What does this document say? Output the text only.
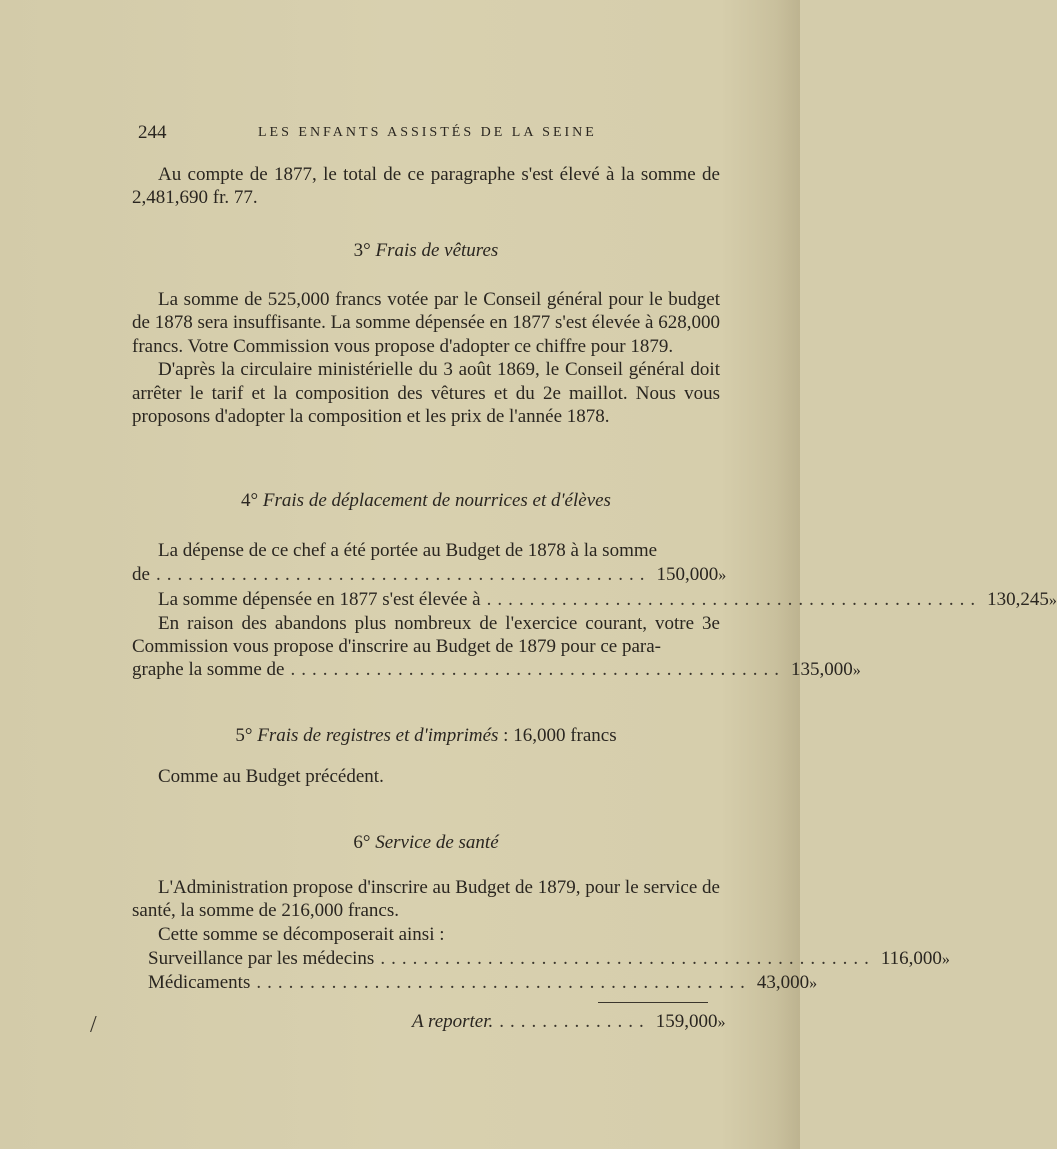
244	LES ENFANTS ASSISTÉS DE LA SEINE

Au compte de 1877, le total de ce paragraphe s'est élevé à la somme de 2,481,690 fr. 77.

3° Frais de vêtures

La somme de 525,000 francs votée par le Conseil général pour le budget de 1878 sera insuffisante. La somme dépensée en 1877 s'est élevée à 628,000 francs. Votre Commission vous propose d'adopter ce chiffre pour 1879.

D'après la circulaire ministérielle du 3 août 1869, le Conseil général doit arrêter le tarif et la composition des vêtures et du 2e maillot. Nous vous proposons d'adopter la composition et les prix de l'année 1878.

4° Frais de déplacement de nourrices et d'élèves

La dépense de ce chef a été portée au Budget de 1878 à la somme

de .............................................. 150,000 »
La somme dépensée en 1877 s'est élevée à .............................................. 130,245 »

En raison des abandons plus nombreux de l'exercice courant, votre 3e Commission vous propose d'inscrire au Budget de 1879 pour ce para-

graphe la somme de .............................................. 135,000 »
5° Frais de registres et d'imprimés : 16,000 francs

Comme au Budget précédent.

6° Service de santé

L'Administration propose d'inscrire au Budget de 1879, pour le service de santé, la somme de 216,000 francs.

Cette somme se décomposerait ainsi :

Surveillance par les médecins .............................................. 116,000 »
Médicaments .............................................. 43,000 »
A reporter. .............. 159,000 »
/
